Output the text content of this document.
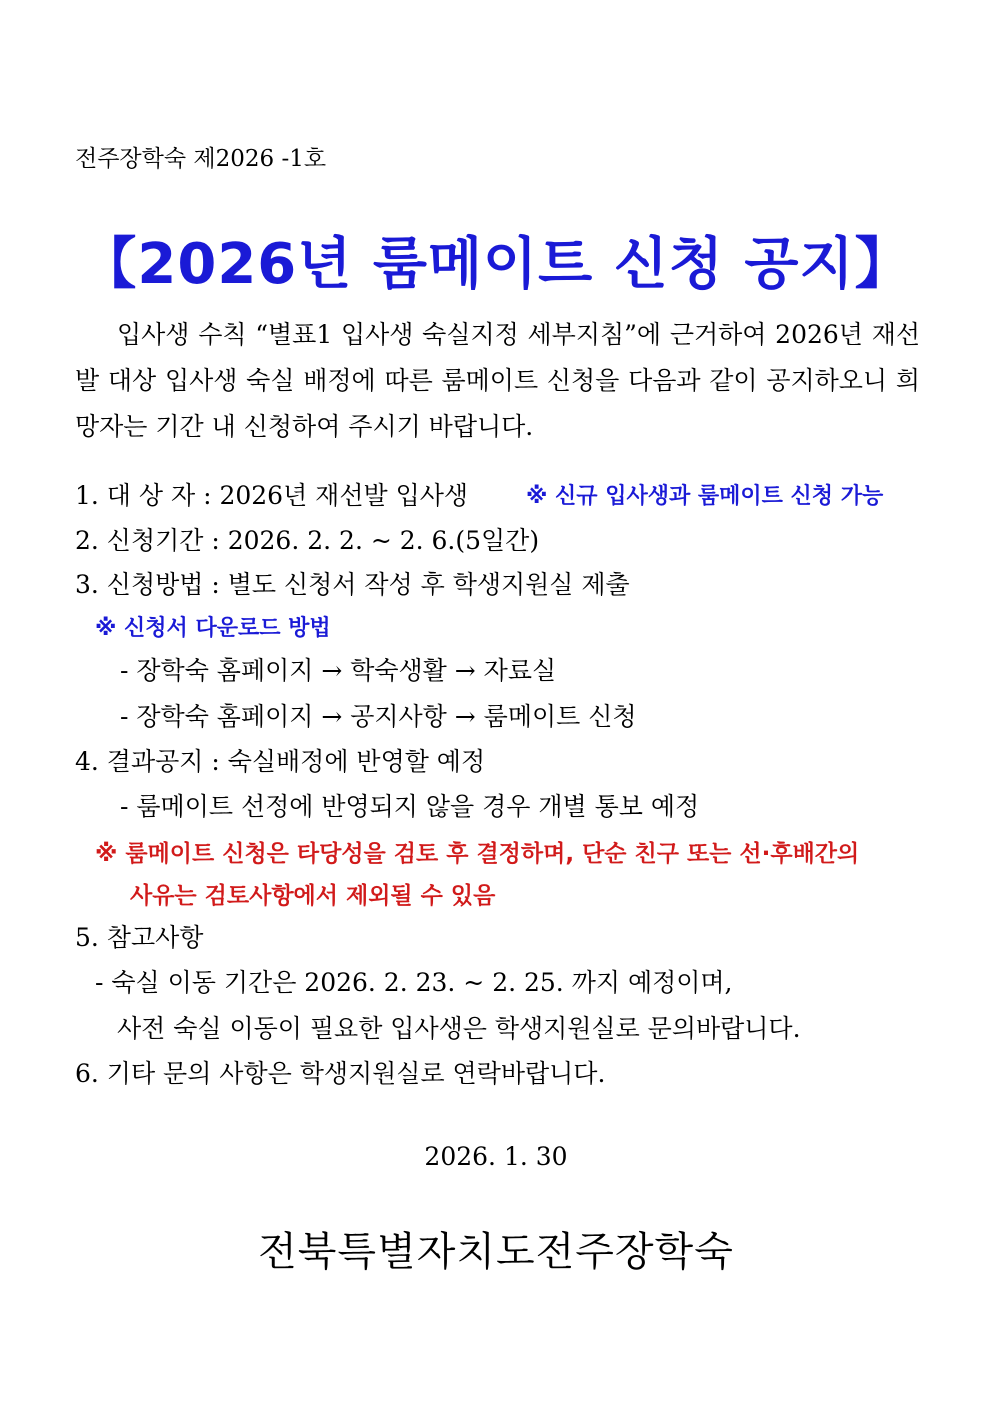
전주장학숙 제2026 -1호
【2026년 룸메이트 신청 공지】
입사생 수칙 “별표1 입사생 숙실지정 세부지침”에 근거하여 2026년 재선발 대상 입사생 숙실 배정에 따른 룸메이트 신청을 다음과 같이 공지하오니 희망자는 기간 내 신청하여 주시기 바랍니다.
1. 대 상 자 : 2026년 재선발 입사생	※ 신규 입사생과 룸메이트 신청 가능
2. 신청기간 : 2026. 2. 2. ~ 2. 6.(5일간)
3. 신청방법 : 별도 신청서 작성 후 학생지원실 제출
※ 신청서 다운로드 방법
- 장학숙 홈페이지 → 학숙생활 → 자료실
- 장학숙 홈페이지 → 공지사항 → 룸메이트 신청
4. 결과공지 : 숙실배정에 반영할 예정
- 룸메이트 선정에 반영되지 않을 경우 개별 통보 예정
※ 룸메이트 신청은 타당성을 검토 후 결정하며, 단순 친구 또는 선·후배간의
사유는 검토사항에서 제외될 수 있음
5. 참고사항
- 숙실 이동 기간은 2026. 2. 23. ~ 2. 25. 까지 예정이며,
사전 숙실 이동이 필요한 입사생은 학생지원실로 문의바랍니다.
6. 기타 문의 사항은 학생지원실로 연락바랍니다.
2026. 1. 30
전북특별자치도전주장학숙
